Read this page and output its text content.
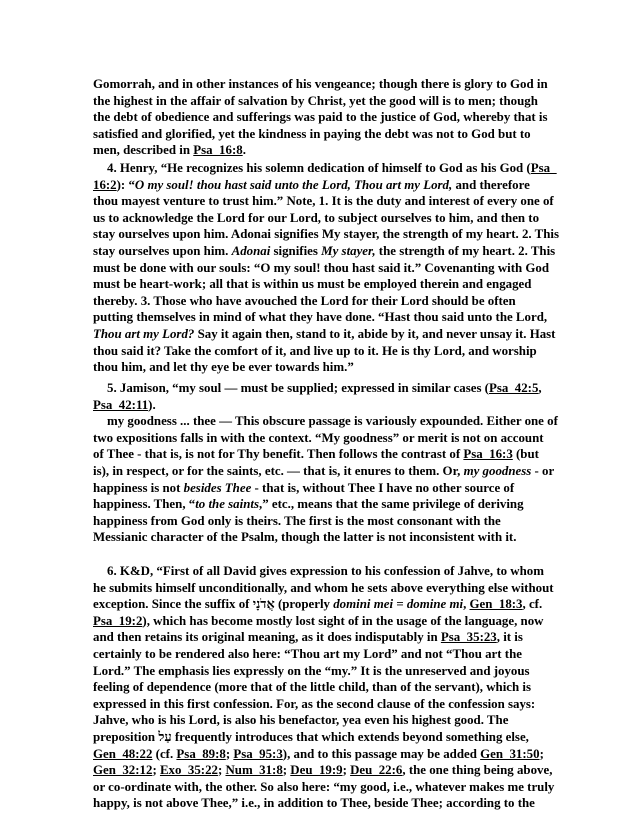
Gomorrah, and in other instances of his vengeance; though there is glory to God in
the highest in the affair of salvation by Christ, yet the good will is to men; though
the debt of obedience and sufferings was paid to the justice of God, whereby that is
satisfied and glorified, yet the kindness in paying the debt was not to God but to
men, described in Psa_16:8.
4. Henry, “He recognizes his solemn dedication of himself to God as his God (Psa_
16:2): “O my soul! thou hast said unto the Lord, Thou art my Lord, and therefore
thou mayest venture to trust him.” Note, 1. It is the duty and interest of every one of
us to acknowledge the Lord for our Lord, to subject ourselves to him, and then to
stay ourselves upon him. Adonai signifies My stayer, the strength of my heart. 2. This
stay ourselves upon him. Adonai signifies My stayer, the strength of my heart. 2. This
must be done with our souls: “O my soul! thou hast said it.” Covenanting with God
must be heart-work; all that is within us must be employed therein and engaged
thereby. 3. Those who have avouched the Lord for their Lord should be often
putting themselves in mind of what they have done. “Hast thou said unto the Lord,
Thou art my Lord? Say it again then, stand to it, abide by it, and never unsay it. Hast
thou said it? Take the comfort of it, and live up to it. He is thy Lord, and worship
thou him, and let thy eye be ever towards him.”
5. Jamison, “my soul — must be supplied; expressed in similar cases (Psa_42:5,
Psa_42:11).
my goodness ... thee — This obscure passage is variously expounded. Either one of
two expositions falls in with the context. “My goodness” or merit is not on account
of Thee - that is, is not for Thy benefit. Then follows the contrast of Psa_16:3 (but
is), in respect, or for the saints, etc. — that is, it enures to them. Or, my goodness - or
happiness is not besides Thee - that is, without Thee I have no other source of
happiness. Then, “to the saints,” etc., means that the same privilege of deriving
happiness from God only is theirs. The first is the most consonant with the
Messianic character of the Psalm, though the latter is not inconsistent with it.
6. K&D, “First of all David gives expression to his confession of Jahve, to whom
he submits himself unconditionally, and whom he sets above everything else without
exception. Since the suffix of אֲדֹנָי (properly domini mei = domine mi, Gen_18:3, cf.
Psa_19:2), which has become mostly lost sight of in the usage of the language, now
and then retains its original meaning, as it does indisputably in Psa_35:23, it is
certainly to be rendered also here: “Thou art my Lord” and not “Thou art the
Lord.” The emphasis lies expressly on the “my.” It is the unreserved and joyous
feeling of dependence (more that of the little child, than of the servant), which is
expressed in this first confession. For, as the second clause of the confession says:
Jahve, who is his Lord, is also his benefactor, yea even his highest good. The
preposition עַל frequently introduces that which extends beyond something else,
Gen_48:22 (cf. Psa_89:8; Psa_95:3), and to this passage may be added Gen_31:50;
Gen_32:12; Exo_35:22; Num_31:8; Deu_19:9; Deu_22:6, the one thing being above,
or co-ordinate with, the other. So also here: “my good, i.e., whatever makes me truly
happy, is not above Thee,” i.e., in addition to Thee, beside Thee; according to the
